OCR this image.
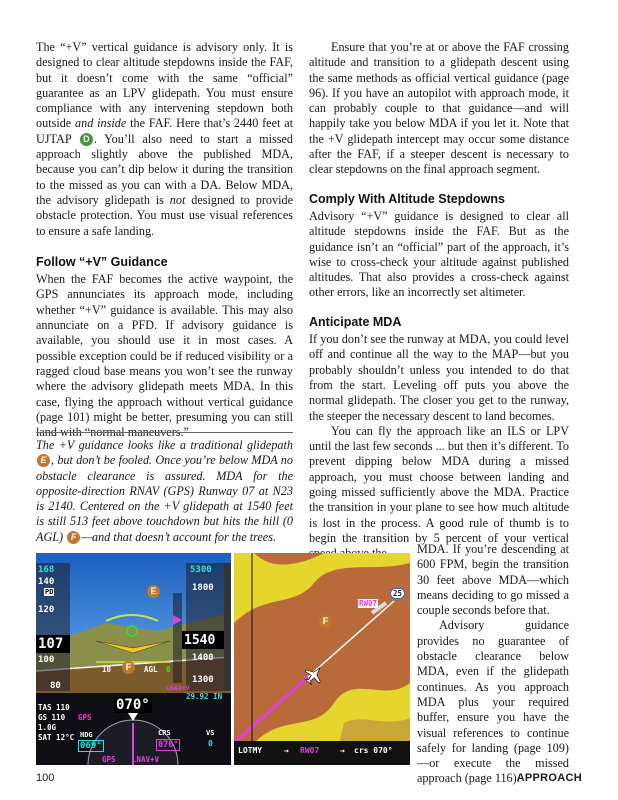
The “+V” vertical guidance is advisory only. It is designed to clear altitude stepdowns inside the FAF, but it doesn’t come with the same “official” guarantee as an LPV glidepath. You must ensure compliance with any intervening stepdown both outside and inside the FAF. Here that’s 2440 feet at UJTAP D . You’ll also need to start a missed approach slightly above the published MDA, because you can’t dip below it during the transition to the missed as you can with a DA. Below MDA, the advisory glidepath is not designed to provide obstacle protection. You must use visual references to ensure a safe landing.

Follow “+V” Guidance

When the FAF becomes the active waypoint, the GPS annunciates its approach mode, including whether “+V” guidance is available. This may also annunciate on a PFD. If advisory guidance is available, you should use it in most cases. A possible exception could be if reduced visibility or a ragged cloud base means you won’t see the runway where the advisory glidepath meets MDA. In this case, flying the approach without vertical guidance (page 101) might be better, presuming you can still land with “normal maneuvers.”

The +V guidance looks like a traditional glidepath E , but don’t be fooled. Once you’re below MDA no obstacle clearance is assured. MDA for the opposite-direction RNAV (GPS) Runway 07 at N23 is 2140. Centered on the +V glidepath at 1540 feet is still 513 feet above touchdown but hits the hill (0 AGL) F —and that doesn’t account for the trees.

Ensure that you’re at or above the FAF crossing altitude and transition to a glidepath descent using the same methods as official vertical guidance (page 96). If you have an autopilot with approach mode, it can probably couple to that guidance—and will happily take you below MDA if you let it. Note that the +V glidepath intercept may occur some distance after the FAF, if a steeper descent is necessary to clear stepdowns on the final approach segment.

Comply With Altitude Stepdowns

Advisory “+V” guidance is designed to clear all altitude stepdowns inside the FAF. But as the guidance isn’t an “official” part of the approach, it’s wise to cross-check your altitude against published altitudes. That also provides a cross-check against other errors, like an incorrectly set altimeter.

Anticipate MDA

If you don’t see the runway at MDA, you could level off and continue all the way to the MAP—but you probably shouldn’t unless you intended to do that from the start. Leveling off puts you above the normal glidepath. The closer you get to the runway, the steeper the necessary descent to land becomes.

You can fly the approach like an ILS or LPV until the last few seconds ... but then it’s different. To prevent dipping below MDA during a missed approach, you must choose between landing and going missed sufficiently above the MDA. Practice the transition in your plane to see how much altitude is lost in the process. A good rule of thumb is to begin the transition by 5 percent of your vertical

MDA. If you’re descending at 600 FPM, begin the transition 30 feet above MDA—which means deciding to go missed a couple seconds before that.

Advisory guidance provides no guarantee of obstacle clearance below MDA, even if the glidepath continues. As you approach MDA plus your required buffer, ensure you have the visual references to continue safely for landing (page 109)—or execute the missed approach (page 116).

168
140
PD
120
107
100
80
TAS 110
GS 110 GPS
1.0G
SAT 12°C HDG
069°
070°
CRS
070°
VS
0
5300
1800
1540
1400
1300
AGL 0
29.92 IN
10
LNAV+V
GPS LNAV+V
E
F
RW07
25
F
LOTMY	→ RW07	→ crs 070°
100	APPROACH
